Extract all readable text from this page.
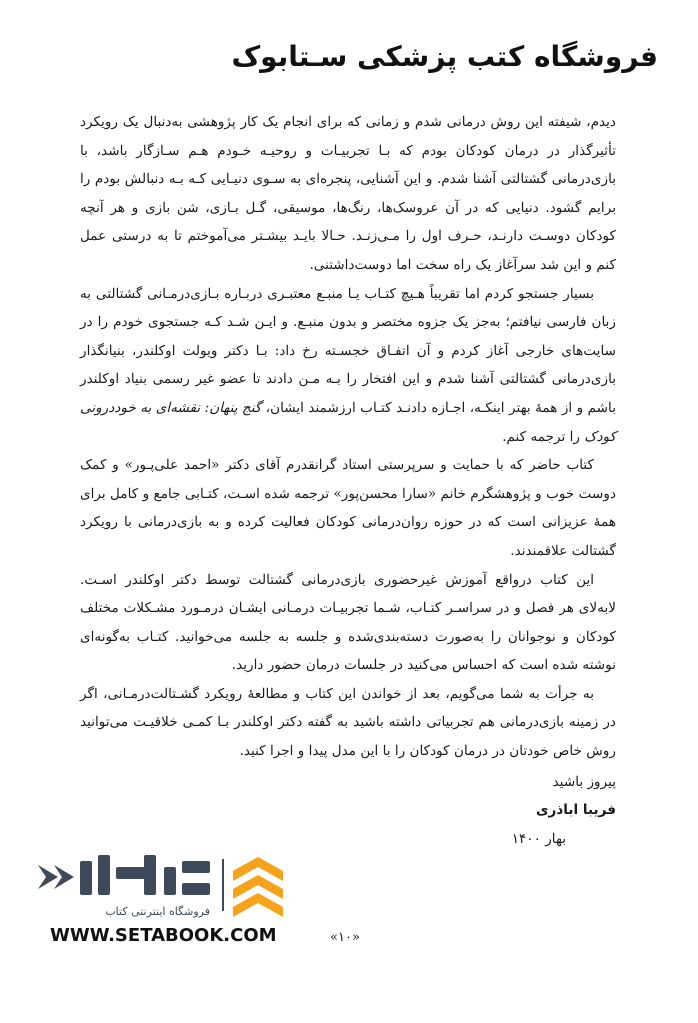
فروشگاه کتب پزشکی سـتابوک

دیدم، شیفته این روش درمانی شدم و زمانی که برای انجام یک کار پژوهشی به‌دنبال یک رویکرد تأثیرگذار در درمان کودکان بودم که بـا تجربیـات و روحیـه خـودم هـم سـازگار باشد، با بازی‌درمانی گشتالتی آشنا شدم. و این آشنایی، پنجره‌ای به سـوی دنیـایی کـه بـه دنبالش بودم را برایم گشود. دنیایی که در آن عروسک‌ها، رنگ‌ها، موسیقی، گـل بـازی، شن بازی و هر آنچه کودکان دوسـت دارنـد، حـرف اول را مـی‌زنـد. حـالا بایـد بیشـتر می‌آموختم تا به درستی عمل کنم و این شد سرآغاز یک راه سخت اما دوست‌داشتنی.

بسیار جستجو کردم اما تقریباً هـیچ کتـاب یـا منبـع معتبـری دربـاره بـازی‌درمـانی گشتالتی به زبان فارسی نیافتم؛ به‌جز یک جزوه مختصر و بدون منبـع. و ایـن شـد کـه جستجوی خودم را در سایت‌های خارجی آغاز کردم و آن اتفـاق خجسـته رخ داد: بـا دکتر ویولت اوکلندر، بنیانگذار بازی‌درمانی گشتالتی آشنا شدم و این افتخار را بـه مـن دادند تا عضو غیر رسمی بنیاد اوکلندر باشم و از همهٔ بهتر اینکـه، اجـازه دادنـد کتـاب ارزشمند ایشان، گنج پنهان: نقشه‌ای به خوددرونی کودک را ترجمه کنم.

کتاب حاضر که با حمایت و سرپرستی استاد گرانقدرم آقای دکتر «احمد علی‌پـور» و کمک دوست خوب و پژوهشگرم خانم «سارا محسن‌پور» ترجمه شده اسـت، کتـابی جامع و کامل برای همهٔ عزیزانی است که در حوزه روان‌درمانی کودکان فعالیت کرده و به بازی‌درمانی با رویکرد گشتالت علاقمندند.

این کتاب درواقع آموزش غیرحضوری بازی‌درمانی گشتالت توسط دکتر اوکلندر اسـت. لابه‌لای هر فصل و در سراسـر کتـاب، شـما تجربیـات درمـانی ایشـان درمـورد مشـکلات مختلف کودکان و نوجوانان را به‌صورت دسته‌بندی‌شده و جلسه به جلسه می‌خوانید. کتـاب به‌گونه‌ای نوشته شده است که احساس می‌کنید در جلسات درمان حضور دارید.

به جرأت به شما می‌گویم، بعد از خواندن این کتاب و مطالعهٔ رویکرد گشـتالت‌درمـانی، اگر در زمینه بازی‌درمانی هم تجربیاتی داشته باشید به گفته دکتر اوکلندر بـا کمـی خلاقیـت می‌توانید روش خاص خودتان در درمان کودکان را با این مدل پیدا و اجرا کنید.

پیروز باشید
فریبا اباذری
بهار ۱۴۰۰
فروشگاه اینترنتی کتاب
WWW.SETABOOK.COM	«۱۰»
